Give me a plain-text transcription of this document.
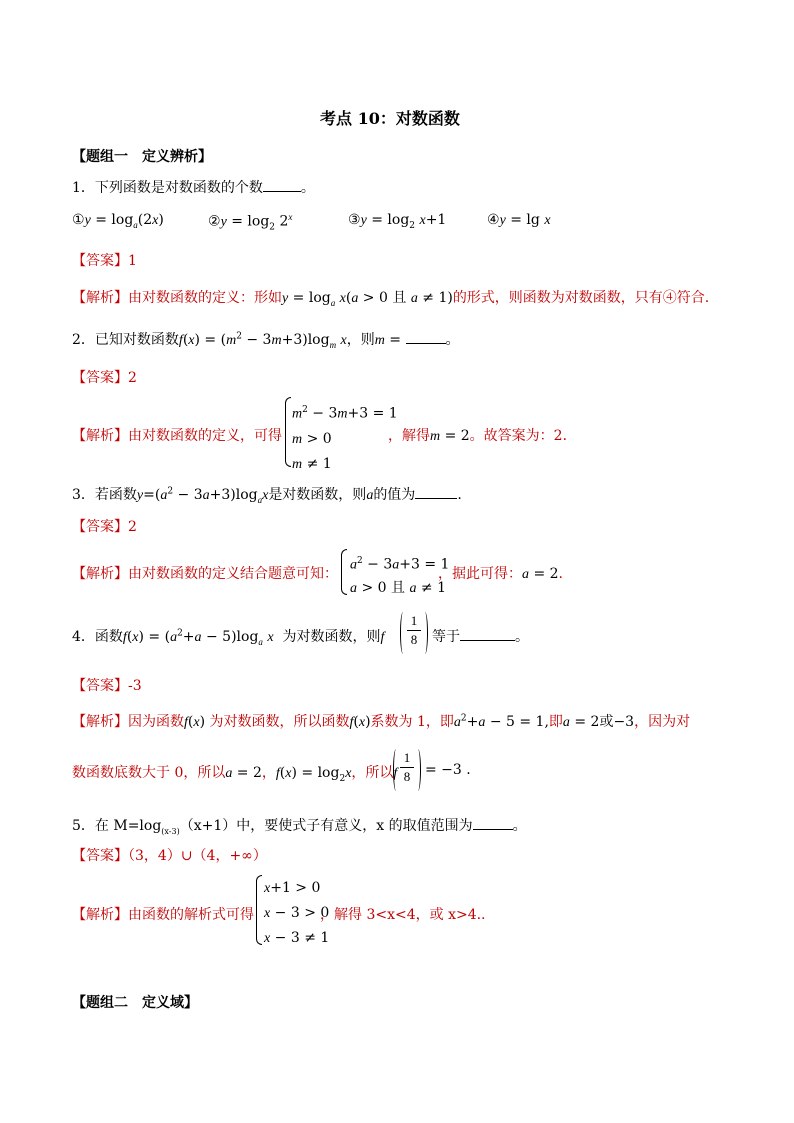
考点 10：对数函数
【题组一　定义辨析】
1．下列函数是对数函数的个数	。
①y = $\log_a(2x)$	②y = $\log_2 2^x$	③y = $\log_2 x+1$	④y = lg x
【答案】1
【解析】由对数函数的定义：形如$y = \log_a x(a > 0$ 且 a ≠ 1)的形式，则函数为对数函数，只有④符合.
2．已知对数函数$f(x) = (m^2 - 3m+3)\log_m$ x，则m =	。
【答案】2
【解析】由对数函数的定义，可得
$m^2 - 3m+3 = 1$
m > 0
m ≠ 1
，解得m = 2。故答案为：2．
3．若函数$y=(a^2 - 3a+3)\log_ax$是对数函数，则a的值为	.
【答案】2
【解析】由对数函数的定义结合题意可知：
$a^2 - 3a+3 = 1$
a > 0 且 a ≠ 1
，据此可得：a = 2.
4．函数$f(x) = (a^2+a - 5)\log_a$ x 为对数函数，则f
1
8 等于	。
【答案】-3
【解析】因为函数f(x) 为对数函数，所以函数f(x)系数为 1，即$a^2+a - 5 = 1$,即a = 2或−3，因为对
数函数底数大于 0，所以a = 2，$f(x) = \log_2x$，所以f
1
8 = −3 .
5．在 $M=\log_{(x-3)}(x+1)$中，要使式子有意义，x 的取值范围为	。
【答案】（3，4）∪（4，+∞）
【解析】由函数的解析式可得
x+1 > 0
x − 3 > 0
x − 3 ≠ 1
，解得 3<x<4，或 x>4..
【题组二　定义域】
